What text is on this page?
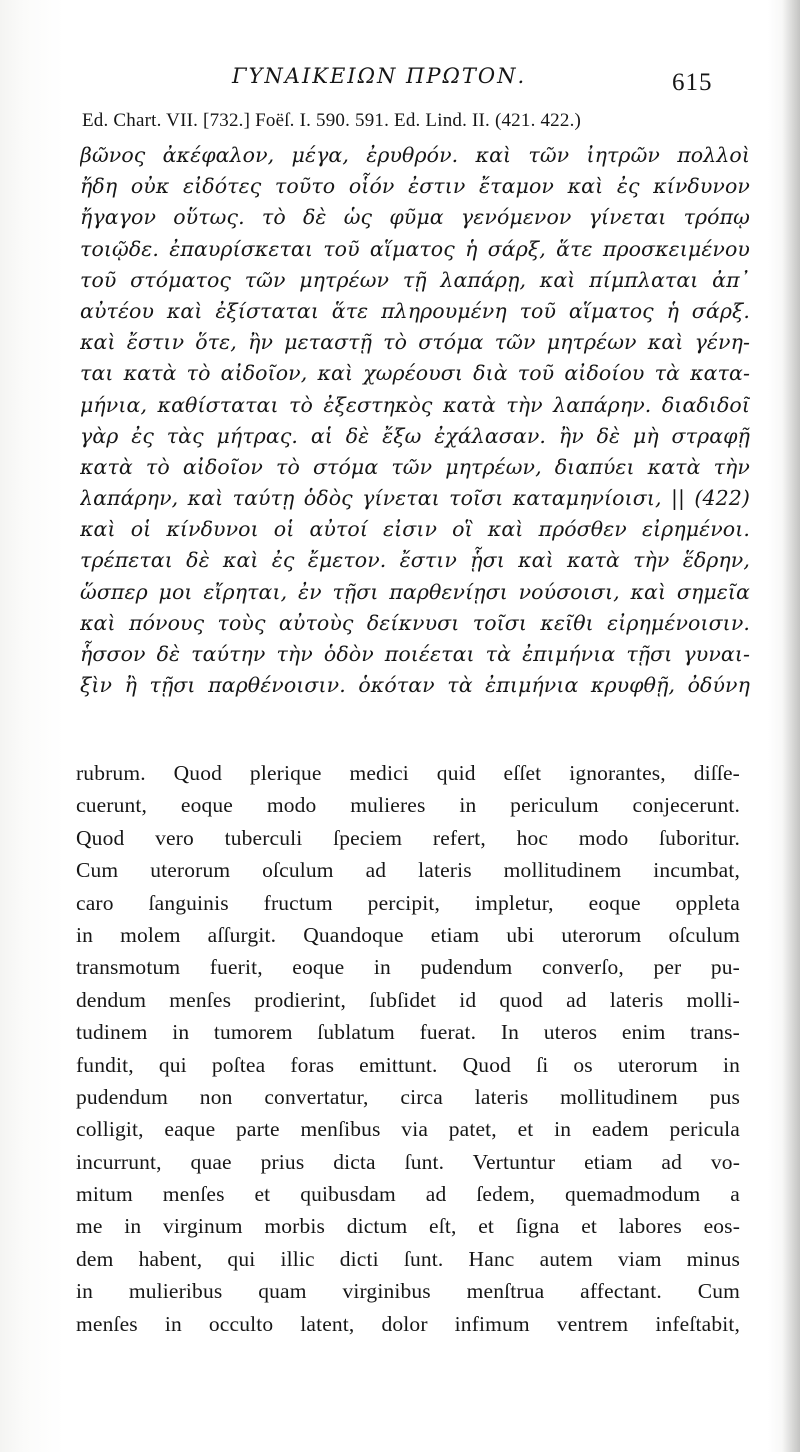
ΓΥΝΑΙΚΕΙΩΝ ΠΡΩΤΟΝ.	615
Ed. Chart. VII. [732.] Foëſ. I. 590. 591. Ed. Lind. II. (421. 422.)
βῶνος ἀκέφαλον, μέγα, ἐρυθρόν. καὶ τῶν ἰητρῶν πολλοὶ
ἤδη οὐκ εἰδότες τοῦτο οἷόν ἐστιν ἔταμον καὶ ἐς κίνδυνον
ἤγαγον οὕτως. τὸ δὲ ὡς φῦμα γενόμενον γίνεται τρόπῳ
τοιῷδε. ἐπαυρίσκεται τοῦ αἵματος ἡ σάρξ, ἅτε προσκειμένου
τοῦ στόματος τῶν μητρέων τῇ λαπάρῃ, καὶ πίμπλαται ἀπ᾿
αὐτέου καὶ ἐξίσταται ἅτε πληρουμένη τοῦ αἵματος ἡ σάρξ.
καὶ ἔστιν ὅτε, ἢν μεταστῇ τὸ στόμα τῶν μητρέων καὶ γένη-
ται κατὰ τὸ αἰδοῖον, καὶ χωρέουσι διὰ τοῦ αἰδοίου τὰ κατα-
μήνια, καθίσταται τὸ ἐξεστηκὸς κατὰ τὴν λαπάρην. διαδιδοῖ
γὰρ ἐς τὰς μήτρας. αἱ δὲ ἔξω ἐχάλασαν. ἢν δὲ μὴ στραφῇ
κατὰ τὸ αἰδοῖον τὸ στόμα τῶν μητρέων, διαπύει κατὰ τὴν
λαπάρην, καὶ ταύτῃ ὁδὸς γίνεται τοῖσι καταμηνίοισι, || (422)
καὶ οἱ κίνδυνοι οἱ αὐτοί εἰσιν οἳ καὶ πρόσθεν εἰρημένοι.
τρέπεται δὲ καὶ ἐς ἔμετον. ἔστιν ᾗσι καὶ κατὰ τὴν ἕδρην,
ὥσπερ μοι εἴρηται, ἐν τῇσι παρθενίῃσι νούσοισι, καὶ σημεῖα
καὶ πόνους τοὺς αὐτοὺς δείκνυσι τοῖσι κεῖθι εἰρημένοισιν.
ἧσσον δὲ ταύτην τὴν ὁδὸν ποιέεται τὰ ἐπιμήνια τῇσι γυναι-
ξὶν ἢ τῇσι παρθένοισιν. ὁκόταν τὰ ἐπιμήνια κρυφθῇ, ὀδύνη
rubrum. Quod plerique medici quid eſſet ignorantes, diſſe-
cuerunt, eoque modo mulieres in periculum conjecerunt.
Quod vero tuberculi ſpeciem refert, hoc modo ſuboritur.
Cum uterorum oſculum ad lateris mollitudinem incumbat,
caro ſanguinis fructum percipit, impletur, eoque oppleta
in molem aſſurgit. Quandoque etiam ubi uterorum oſculum
transmotum fuerit, eoque in pudendum converſo, per pu-
dendum menſes prodierint, ſubſidet id quod ad lateris molli-
tudinem in tumorem ſublatum fuerat. In uteros enim trans-
fundit, qui poſtea foras emittunt. Quod ſi os uterorum in
pudendum non convertatur, circa lateris mollitudinem pus
colligit, eaque parte menſibus via patet, et in eadem pericula
incurrunt, quae prius dicta ſunt. Vertuntur etiam ad vo-
mitum menſes et quibusdam ad ſedem, quemadmodum a
me in virginum morbis dictum eſt, et ſigna et labores eos-
dem habent, qui illic dicti ſunt. Hanc autem viam minus
in mulieribus quam virginibus menſtrua affectant. Cum
menſes in occulto latent, dolor infimum ventrem infeſtabit,
